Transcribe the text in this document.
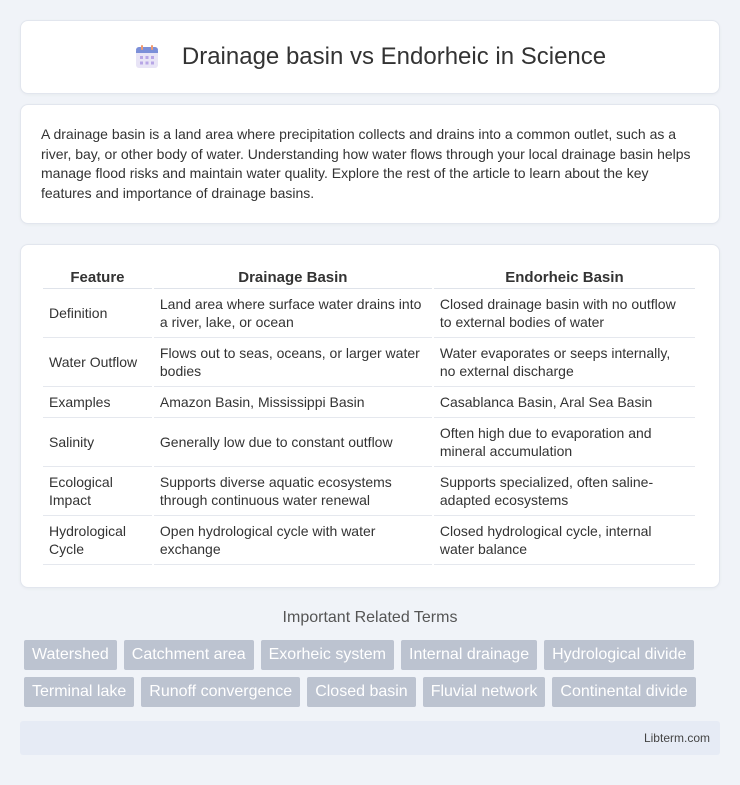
Drainage basin vs Endorheic in Science

A drainage basin is a land area where precipitation collects and drains into a common outlet, such as a river, bay, or other body of water. Understanding how water flows through your local drainage basin helps manage flood risks and maintain water quality. Explore the rest of the article to learn about the key features and importance of drainage basins.

Feature	Drainage Basin	Endorheic Basin
Definition	Land area where surface water drains into a river, lake, or ocean	Closed drainage basin with no outflow to external bodies of water
Water Outflow	Flows out to seas, oceans, or larger water bodies	Water evaporates or seeps internally, no external discharge
Examples	Amazon Basin, Mississippi Basin	Casablanca Basin, Aral Sea Basin
Salinity	Generally low due to constant outflow	Often high due to evaporation and mineral accumulation
Ecological Impact	Supports diverse aquatic ecosystems through continuous water renewal	Supports specialized, often saline-adapted ecosystems
Hydrological Cycle	Open hydrological cycle with water exchange	Closed hydrological cycle, internal water balance
Important Related Terms
Watershed	Catchment area	Exorheic system	Internal drainage	Hydrological divide
Terminal lake	Runoff convergence	Closed basin	Fluvial network	Continental divide
Libterm.com
